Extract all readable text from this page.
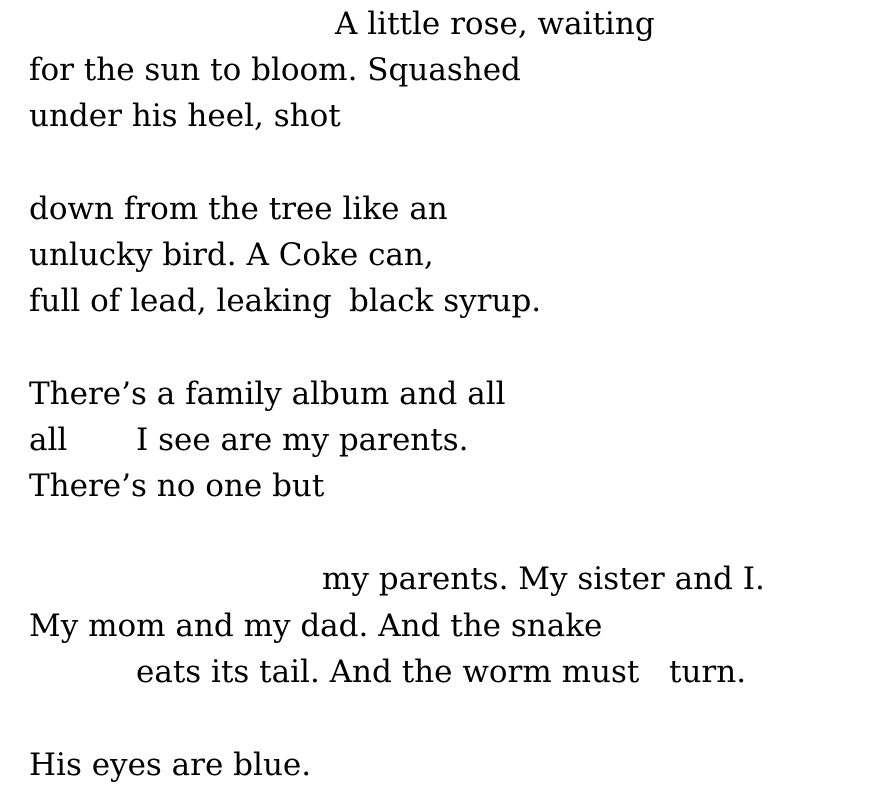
A little rose, waiting
for the sun to bloom. Squashed
under his heel, shot
down from the tree like an
unlucky bird. A Coke can,
full of lead, leaking black syrup.
There’s a family album and all
all I see are my parents.
There’s no one but
my parents. My sister and I.
My mom and my dad. And the snake
eats its tail. And the worm must turn.
His eyes are blue.
